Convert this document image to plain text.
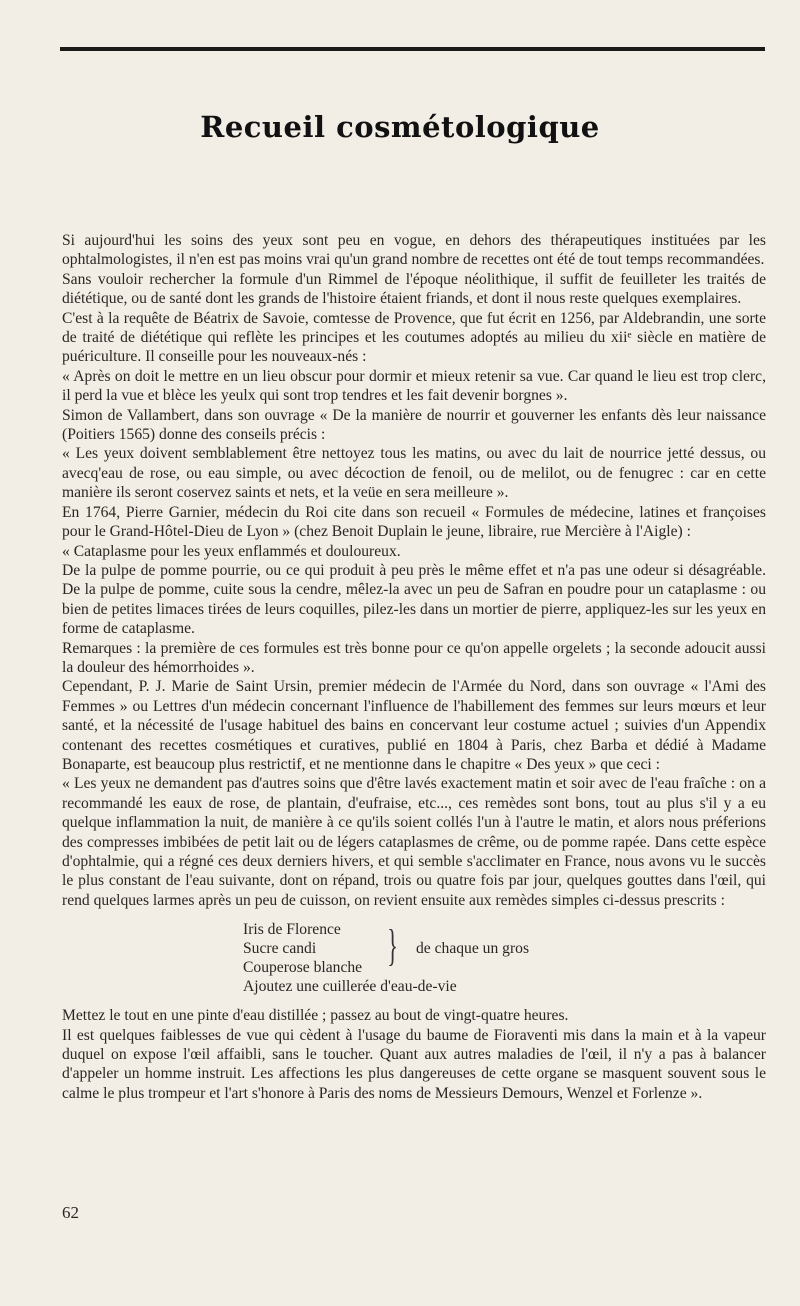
Recueil cosmétologique

Si aujourd'hui les soins des yeux sont peu en vogue, en dehors des thérapeutiques instituées par les ophtalmologistes, il n'en est pas moins vrai qu'un grand nombre de recettes ont été de tout temps recommandées.

Sans vouloir rechercher la formule d'un Rimmel de l'époque néolithique, il suffit de feuilleter les traités de diététique, ou de santé dont les grands de l'histoire étaient friands, et dont il nous reste quelques exemplaires.

C'est à la requête de Béatrix de Savoie, comtesse de Provence, que fut écrit en 1256, par Aldebrandin, une sorte de traité de diététique qui reflète les principes et les coutumes adoptés au milieu du xiiᵉ siècle en matière de puériculture. Il conseille pour les nouveaux-nés :

« Après on doit le mettre en un lieu obscur pour dormir et mieux retenir sa vue. Car quand le lieu est trop clerc, il perd la vue et blèce les yeulx qui sont trop tendres et les fait devenir borgnes ».

Simon de Vallambert, dans son ouvrage « De la manière de nourrir et gouverner les enfants dès leur naissance (Poitiers 1565) donne des conseils précis :

« Les yeux doivent semblablement être nettoyez tous les matins, ou avec du lait de nourrice jetté dessus, ou avecq'eau de rose, ou eau simple, ou avec décoction de fenoil, ou de melilot, ou de fenugrec : car en cette manière ils seront coservez saints et nets, et la veüe en sera meilleure ».

En 1764, Pierre Garnier, médecin du Roi cite dans son recueil « Formules de médecine, latines et françoises pour le Grand-Hôtel-Dieu de Lyon » (chez Benoit Duplain le jeune, libraire, rue Mercière à l'Aigle) :

« Cataplasme pour les yeux enflammés et douloureux.

De la pulpe de pomme pourrie, ou ce qui produit à peu près le même effet et n'a pas une odeur si désagréable. De la pulpe de pomme, cuite sous la cendre, mêlez-la avec un peu de Safran en poudre pour un cataplasme : ou bien de petites limaces tirées de leurs coquilles, pilez-les dans un mortier de pierre, appliquez-les sur les yeux en forme de cataplasme.

Remarques : la première de ces formules est très bonne pour ce qu'on appelle orgelets ; la seconde adoucit aussi la douleur des hémorrhoides ».

Cependant, P. J. Marie de Saint Ursin, premier médecin de l'Armée du Nord, dans son ouvrage « l'Ami des Femmes » ou Lettres d'un médecin concernant l'influence de l'habillement des femmes sur leurs mœurs et leur santé, et la nécessité de l'usage habituel des bains en concervant leur costume actuel ; suivies d'un Appendix contenant des recettes cosmétiques et curatives, publié en 1804 à Paris, chez Barba et dédié à Madame Bonaparte, est beaucoup plus restrictif, et ne mentionne dans le chapitre « Des yeux » que ceci :

« Les yeux ne demandent pas d'autres soins que d'être lavés exactement matin et soir avec de l'eau fraîche : on a recommandé les eaux de rose, de plantain, d'eufraise, etc..., ces remèdes sont bons, tout au plus s'il y a eu quelque inflammation la nuit, de manière à ce qu'ils soient collés l'un à l'autre le matin, et alors nous préferions des compresses imbibées de petit lait ou de légers cataplasmes de crême, ou de pomme rapée. Dans cette espèce d'ophtalmie, qui a régné ces deux derniers hivers, et qui semble s'acclimater en France, nous avons vu le succès le plus constant de l'eau suivante, dont on répand, trois ou quatre fois par jour, quelques gouttes dans l'œil, qui rend quelques larmes après un peu de cuisson, on revient ensuite aux remèdes simples ci-dessus prescrits :

Iris de Florence
Sucre candi
Couperose blanche } de chaque un gros
Ajoutez une cuillerée d'eau-de-vie

Mettez le tout en une pinte d'eau distillée ; passez au bout de vingt-quatre heures.

Il est quelques faiblesses de vue qui cèdent à l'usage du baume de Fioraventi mis dans la main et à la vapeur duquel on expose l'œil affaibli, sans le toucher. Quant aux autres maladies de l'œil, il n'y a pas à balancer d'appeler un homme instruit. Les affections les plus dangereuses de cette organe se masquent souvent sous le calme le plus trompeur et l'art s'honore à Paris des noms de Messieurs Demours, Wenzel et Forlenze ».

62
